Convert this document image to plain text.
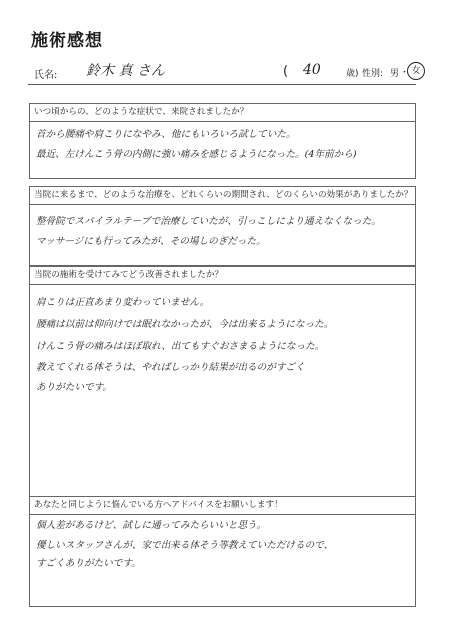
施術感想
氏名: 鈴木 真 さん	( 40	歳) 性別: 男 ・ 女
いつ頃からの、どのような症状で、来院されましたか？
首から腰痛や肩こりになやみ、他にもいろいろ試していた。
最近、左けんこう骨の内側に強い痛みを感じるようになった。(4年前から)
当院に来るまで、どのような治療を、どれくらいの期間され、どのくらいの効果がありましたか？
整骨院でスパイラルテープで治療していたが、引っこしにより通えなくなった。
マッサージにも行ってみたが、その場しのぎだった。
当院の施術を受けてみてどう改善されましたか？
肩こりは正直あまり変わっていません。
腰痛は以前は仰向けでは眠れなかったが、今は出来るようになった。
けんこう骨の痛みはほぼ取れ、出てもすぐおさまるようになった。
教えてくれる体そうは、やればしっかり結果が出るのがすごく
ありがたいです。
あなたと同じように悩んでいる方へアドバイスをお願いします！
個人差があるけど、試しに通ってみたらいいと思う。
優しいスタッフさんが、家で出来る体そう等教えていただけるので、
すごくありがたいです。
